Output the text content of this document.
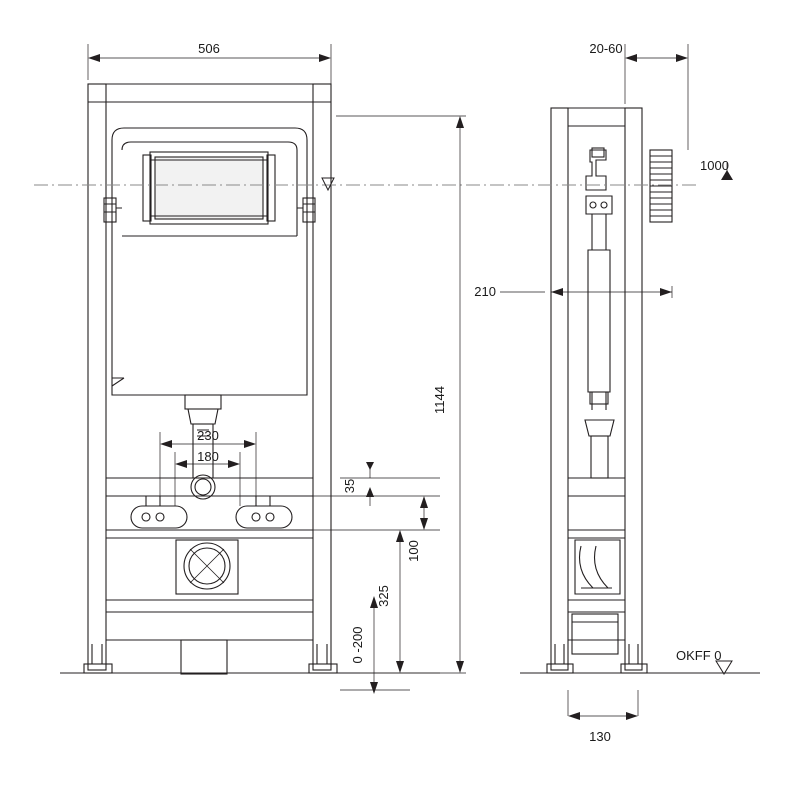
506
1144
230
180
35
100
325
0 -200
20-60
1000
210
130
OKFF 0
